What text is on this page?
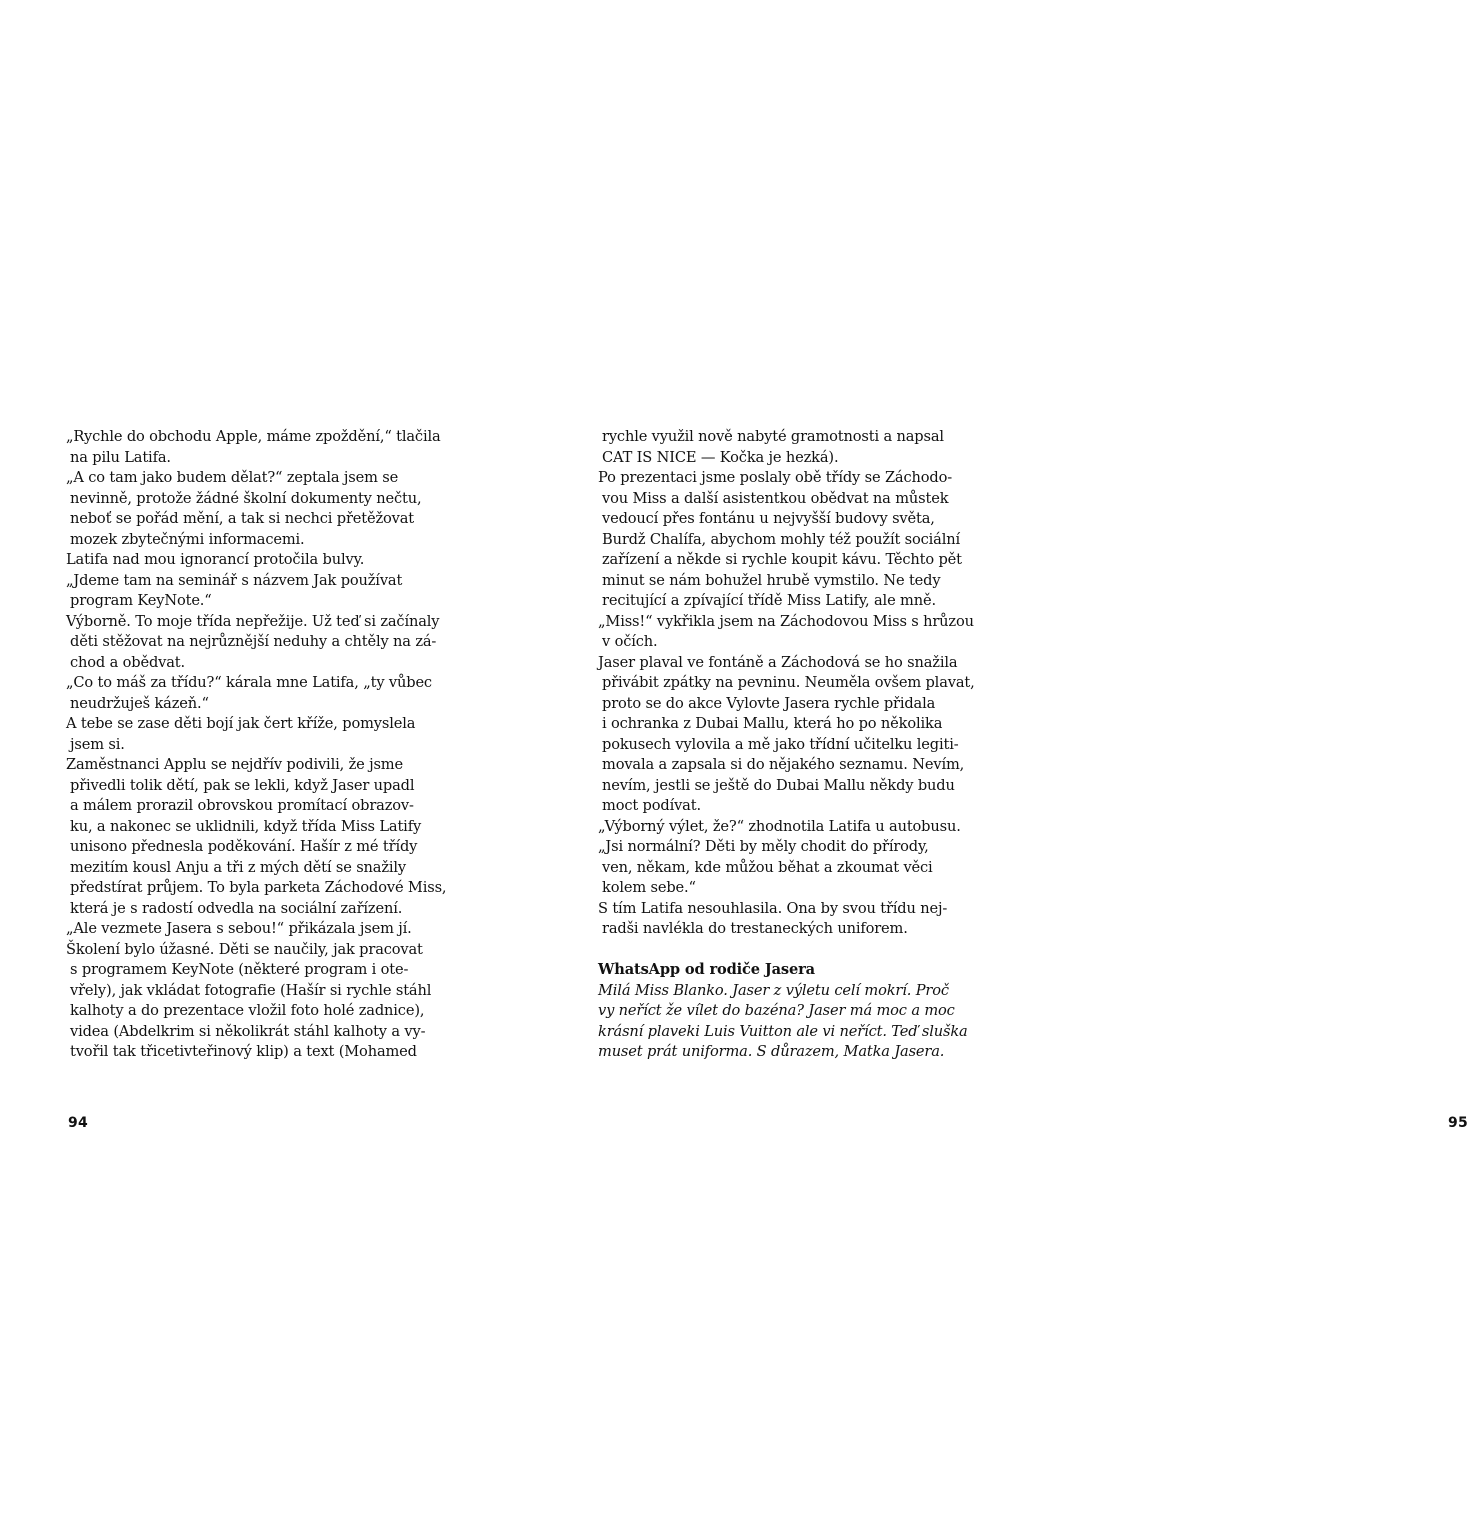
„Rychle do obchodu Apple, máme zpoždění,“ tlačila
na pilu Latifa.
„A co tam jako budem dělat?“ zeptala jsem se
nevinně, protože žádné školní dokumenty nečtu,
neboť se pořád mění, a tak si nechci přetěžovat
mozek zbytečnými informacemi.
Latifa nad mou ignorancí protočila bulvy.
„Jdeme tam na seminář s názvem Jak používat
program KeyNote.“
Výborně. To moje třída nepřežije. Už teď si začínaly
děti stěžovat na nejrůznější neduhy a chtěly na zá-
chod a obědvat.
„Co to máš za třídu?“ kárala mne Latifa, „ty vůbec
neudržuješ kázeň.“
A tebe se zase děti bojí jak čert kříže, pomyslela
jsem si.
Zaměstnanci Applu se nejdřív podivili, že jsme
přivedli tolik dětí, pak se lekli, když Jaser upadl
a málem prorazil obrovskou promítací obrazov-
ku, a nakonec se uklidnili, když třída Miss Latify
unisono přednesla poděkování. Hašír z mé třídy
mezitím kousl Anju a tři z mých dětí se snažily
předstírat průjem. To byla parketa Záchodové Miss,
která je s radostí odvedla na sociální zařízení.
„Ale vezmete Jasera s sebou!“ přikázala jsem jí.
Školení bylo úžasné. Děti se naučily, jak pracovat
s programem KeyNote (některé program i ote-
vřely), jak vkládat fotografie (Hašír si rychle stáhl
kalhoty a do prezentace vložil foto holé zadnice),
videa (Abdelkrim si několikrát stáhl kalhoty a vy-
tvořil tak třicetivteřinový klip) a text (Mohamed
94
rychle využil nově nabyté gramotnosti a napsal
CAT IS NICE — Kočka je hezká).
Po prezentaci jsme poslaly obě třídy se Záchodo-
vou Miss a další asistentkou obědvat na můstek
vedoucí přes fontánu u nejvyšší budovy světa,
Burdž Chalífa, abychom mohly též použít sociální
zařízení a někde si rychle koupit kávu. Těchto pět
minut se nám bohužel hrubě vymstilo. Ne tedy
recitující a zpívající třídě Miss Latify, ale mně.
„Miss!“ vykřikla jsem na Záchodovou Miss s hrůzou
v očích.
Jaser plaval ve fontáně a Záchodová se ho snažila
přivábit zpátky na pevninu. Neuměla ovšem plavat,
proto se do akce Vylovte Jasera rychle přidala
i ochranka z Dubai Mallu, která ho po několika
pokusech vylovila a mě jako třídní učitelku legiti-
movala a zapsala si do nějakého seznamu. Nevím,
nevím, jestli se ještě do Dubai Mallu někdy budu
moct podívat.
„Výborný výlet, že?“ zhodnotila Latifa u autobusu.
„Jsi normální? Děti by měly chodit do přírody,
ven, někam, kde můžou běhat a zkoumat věci
kolem sebe.“
S tím Latifa nesouhlasila. Ona by svou třídu nej-
radši navlékla do trestaneckých uniforem.
WhatsApp od rodiče Jasera
Milá Miss Blanko. Jaser z výletu celí mokrí. Proč
vy neříct že vílet do bazéna? Jaser má moc a moc
krásní plaveki Luis Vuitton ale vi neříct. Teď sluška
muset prát uniforma. S důrazem, Matka Jasera.
95
